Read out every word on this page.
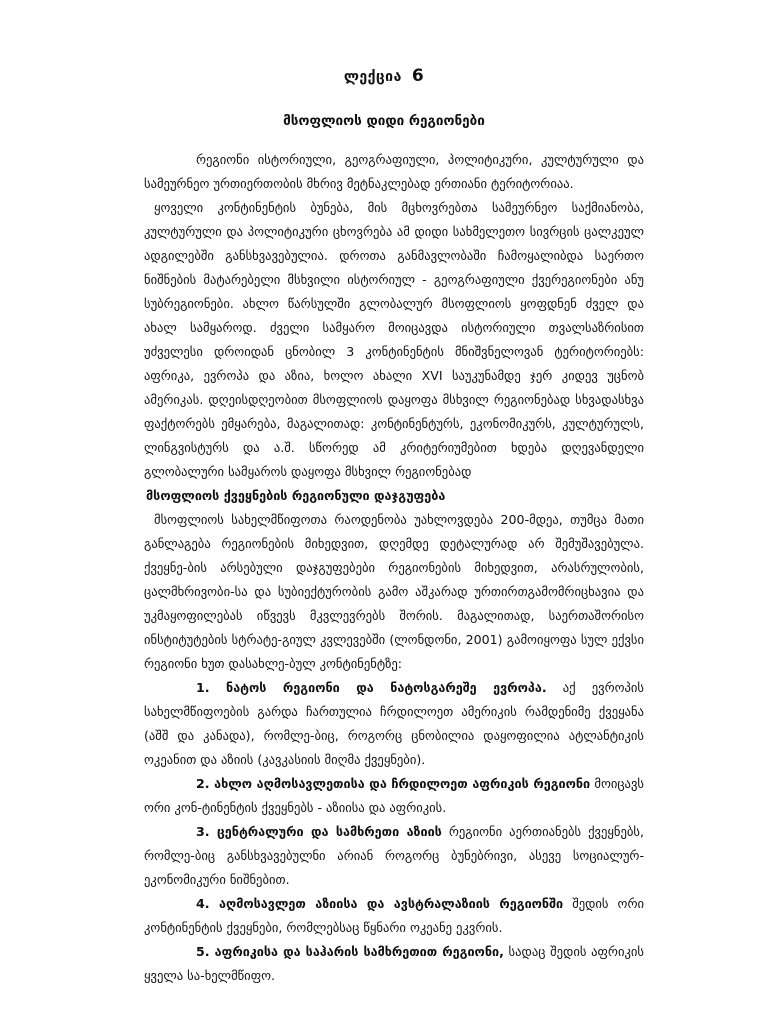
ლექცია 6
მსოფლიოს დიდი რეგიონები

რეგიონი ისტორიული, გეოგრაფიული, პოლიტიკური, კულტურული და სამეურნეო ურთიერთობის მხრივ მეტნაკლებად ერთიანი ტერიტორიაა.

ყოველი კონტინენტის ბუნება, მის მცხოვრებთა სამეურნეო საქმიანობა, კულტურული და პოლიტიკური ცხოვრება ამ დიდი სახმელეთო სივრცის ცალკეულ ადგილებში განსხვავებულია. დროთა განმავლობაში ჩამოყალიბდა საერთო ნიშნების მატარებელი მსხვილი ისტორიულ - გეოგრაფიული ქვერეგიონები ანუ სუბრეგიონები. ახლო წარსულში გლობალურ მსოფლიოს ყოფდნენ ძველ და ახალ სამყაროდ. ძველი სამყარო მოიცავდა ისტორიული თვალსაზრისით უძველესი დროიდან ცნობილ 3 კონტინენტის მნიშვნელოვან ტერიტორიებს: აფრიკა, ევროპა და აზია, ხოლო ახალი XVI საუკუნამდე ჯერ კიდევ უცნობ ამერიკას. დღეისდღეობით მსოფლიოს დაყოფა მსხვილ რეგიონებად სხვადასხვა ფაქტორებს ემყარება, მაგალითად: კონტინენტურს, ეკონომიკურს, კულტურულს, ლინგვისტურს და ა.შ. სწორედ ამ კრიტერიუმებით ხდება დღევანდელი გლობალური სამყაროს დაყოფა მსხვილ რეგიონებად

მსოფლიოს ქვეყნების რეგიონული დაჯგუფება

მსოფლიოს სახელმწიფოთა რაოდენობა უახლოვდება 200-მდეა, თუმცა მათი განლაგება რეგიონების მიხედვით, დღემდე დეტალურად არ შემუშავებულა. ქვეყნე-ბის არსებული დაჯგუფებები რეგიონების მიხედვით, არასრულობის, ცალმხრივობი-სა და სუბიექტურობის გამო აშკარად ურთირთგამომრიცხავია და უკმაყოფილებას იწვევს მკვლევრებს შორის. მაგალითად, საერთაშორისო ინსტიტუტების სტრატე-გიულ კვლევებში (ლონდონი, 2001) გამოიყოფა სულ ექვსი რეგიონი ხუთ დასახლე-ბულ კონტინენტზე:

1. ნატოს რეგიონი და ნატოსგარეშე ევროპა. აქ ევროპის სახელმწიფოების გარდა ჩართულია ჩრდილოეთ ამერიკის რამდენიმე ქვეყანა (აშშ და კანადა), რომლე-ბიც, როგორც ცნობილია დაყოფილია ატლანტიკის ოკეანით და აზიის (კავკასიის მიღმა ქვეყნები).

2. ახლო აღმოსავლეთისა და ჩრდილოეთ აფრიკის რეგიონი მოიცავს ორი კონ-ტინენტის ქვეყნებს - აზიისა და აფრიკის.

3. ცენტრალური და სამხრეთი აზიის რეგიონი აერთიანებს ქვეყნებს, რომლე-ბიც განსხვავებულნი არიან როგორც ბუნებრივი, ასევე სოციალურ-ეკონომიკური ნიშნებით.

4. აღმოსავლეთ აზიისა და ავსტრალაზიის რეგიონში შედის ორი კონტინენტის ქვეყნები, რომლებსაც წყნარი ოკეანე ეკვრის.

5. აფრიკისა და საჰარის სამხრეთით რეგიონი, სადაც შედის აფრიკის ყველა სა-ხელმწიფო.
